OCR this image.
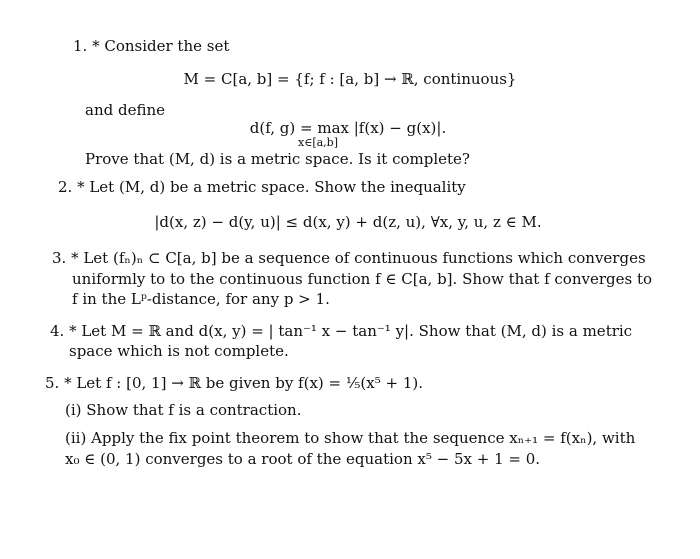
1. * Consider the set
M = C[a, b] = {f; f : [a, b] → ℝ, continuous}
and define
d(f, g) = max |f(x) − g(x)|.
x∈[a,b]
Prove that (M, d) is a metric space. Is it complete?
2. * Let (M, d) be a metric space. Show the inequality
|d(x, z) − d(y, u)| ≤ d(x, y) + d(z, u), ∀x, y, u, z ∈ M.
3. * Let (fₙ)ₙ ⊂ C[a, b] be a sequence of continuous functions which converges
uniformly to to the continuous function f ∈ C[a, b]. Show that f converges to
f in the Lᵖ-distance, for any p > 1.
4. * Let M = ℝ and d(x, y) = | tan⁻¹ x − tan⁻¹ y|. Show that (M, d) is a metric
space which is not complete.
5. * Let f : [0, 1] → ℝ be given by f(x) = ⅕(x⁵ + 1).
(i) Show that f is a contraction.
(ii) Apply the fix point theorem to show that the sequence xₙ₊₁ = f(xₙ), with
x₀ ∈ (0, 1) converges to a root of the equation x⁵ − 5x + 1 = 0.
